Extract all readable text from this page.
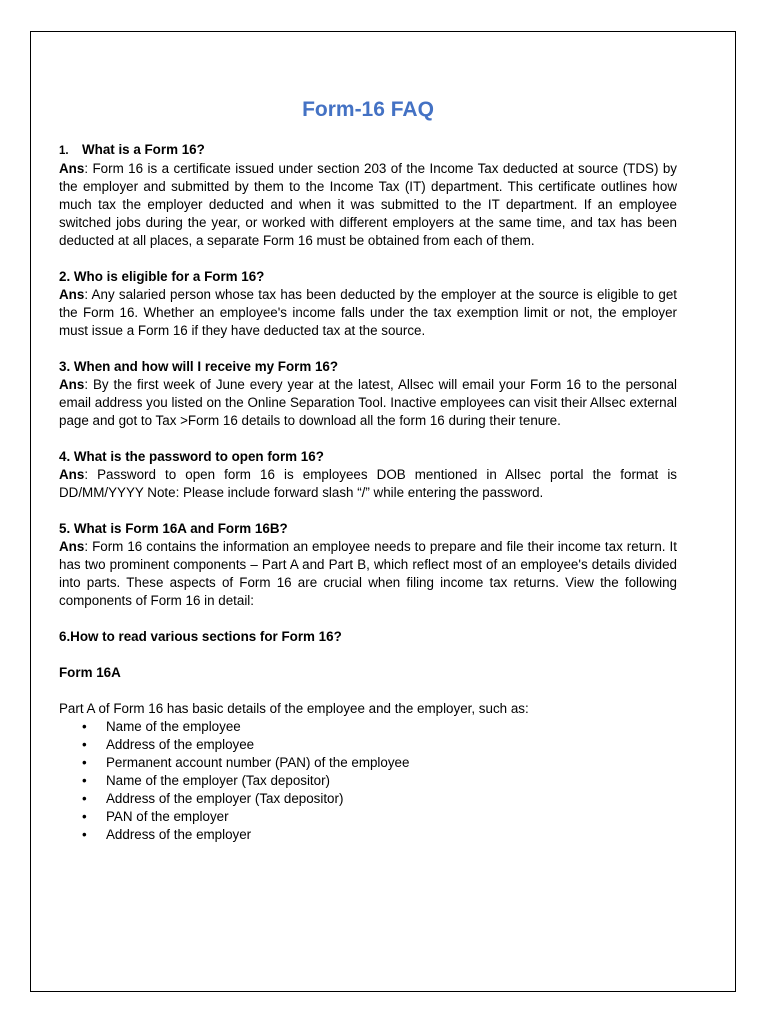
Form-16 FAQ

1. What is a Form 16?

Ans: Form 16 is a certificate issued under section 203 of the Income Tax deducted at source (TDS) by the employer and submitted by them to the Income Tax (IT) department. This certificate outlines how much tax the employer deducted and when it was submitted to the IT department. If an employee switched jobs during the year, or worked with different employers at the same time, and tax has been deducted at all places, a separate Form 16 must be obtained from each of them.

2. Who is eligible for a Form 16?

Ans: Any salaried person whose tax has been deducted by the employer at the source is eligible to get the Form 16. Whether an employee's income falls under the tax exemption limit or not, the employer must issue a Form 16 if they have deducted tax at the source.

3. When and how will I receive my Form 16?

Ans: By the first week of June every year at the latest, Allsec will email your Form 16 to the personal email address you listed on the Online Separation Tool. Inactive employees can visit their Allsec external page and got to Tax >Form 16 details to download all the form 16 during their tenure.

4. What is the password to open form 16?

Ans: Password to open form 16 is employees DOB mentioned in Allsec portal the format is DD/MM/YYYY Note: Please include forward slash “/” while entering the password.

5. What is Form 16A and Form 16B?

Ans: Form 16 contains the information an employee needs to prepare and file their income tax return. It has two prominent components – Part A and Part B, which reflect most of an employee's details divided into parts. These aspects of Form 16 are crucial when filing income tax returns. View the following components of Form 16 in detail:

6.How to read various sections for Form 16?

Form 16A

Part A of Form 16 has basic details of the employee and the employer, such as:

• Name of the employee
• Address of the employee
• Permanent account number (PAN) of the employee
• Name of the employer (Tax depositor)
• Address of the employer (Tax depositor)
• PAN of the employer
• Address of the employer
